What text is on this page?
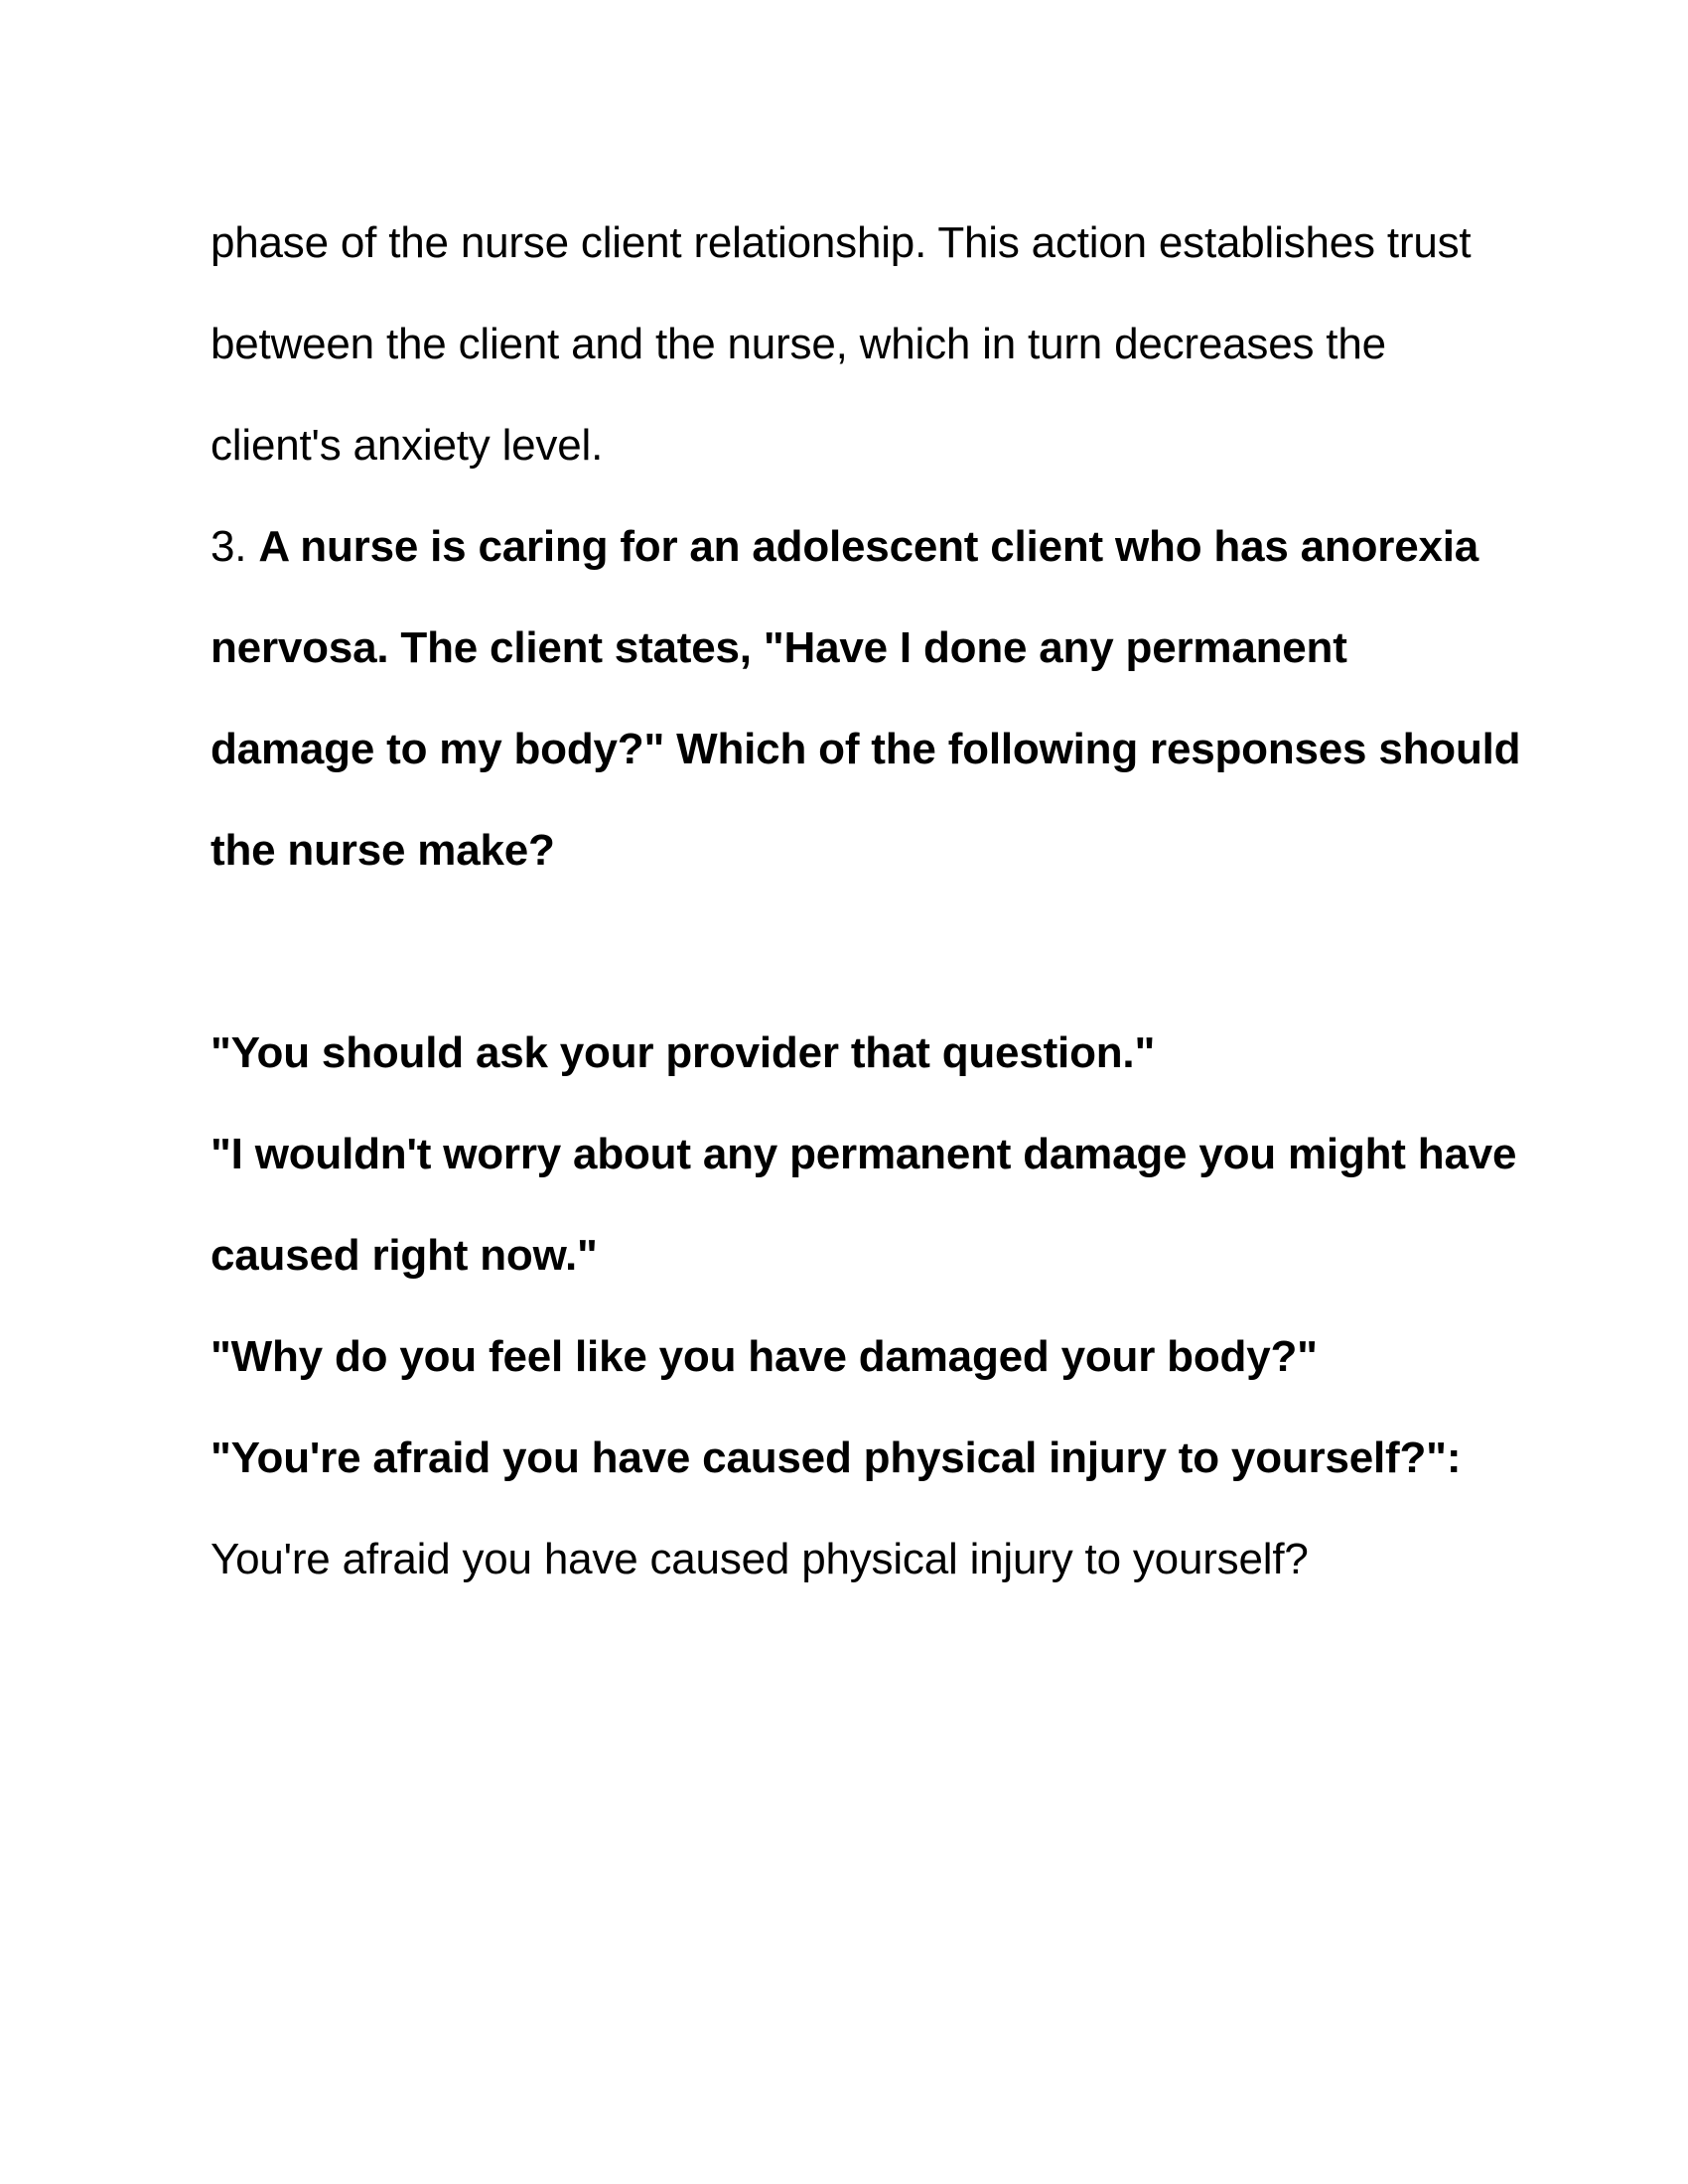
phase of the nurse client relationship. This action establishes trust between the client and the nurse, which in turn decreases the client's anxiety level.

3. A nurse is caring for an adolescent client who has anorexia nervosa. The client states, "Have I done any permanent damage to my body?" Which of the following responses should the nurse make?

"You should ask your provider that question."

"I wouldn't worry about any permanent damage you might have caused right now."

"Why do you feel like you have damaged your body?"

"You're afraid you have caused physical injury to yourself?": You're afraid you have caused physical injury to yourself?
